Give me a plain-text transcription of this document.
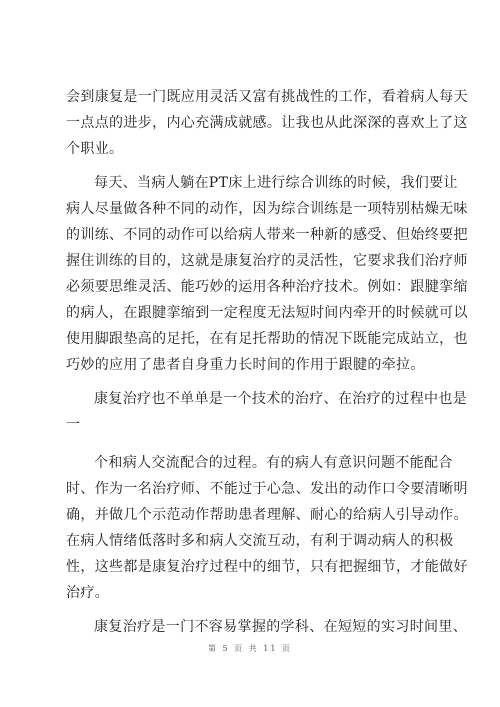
会到康复是一门既应用灵活又富有挑战性的工作，看着病人每天
一点点的进步，内心充满成就感。让我也从此深深的喜欢上了这
个职业。
每天、当病人躺在PT床上进行综合训练的时候，我们要让
病人尽量做各种不同的动作，因为综合训练是一项特别枯燥无味
的训练、不同的动作可以给病人带来一种新的感受、但始终要把
握住训练的目的，这就是康复治疗的灵活性，它要求我们治疗师
必须要思维灵活、能巧妙的运用各种治疗技术。例如：跟腱挛缩
的病人，在跟腱挛缩到一定程度无法短时间内牵开的时候就可以
使用脚跟垫高的足托，在有足托帮助的情况下既能完成站立，也
巧妙的应用了患者自身重力长时间的作用于跟腱的牵拉。
康复治疗也不单单是一个技术的治疗、在治疗的过程中也是
一
个和病人交流配合的过程。有的病人有意识问题不能配合
时、作为一名治疗师、不能过于心急、发出的动作口令要清晰明
确，并做几个示范动作帮助患者理解、耐心的给病人引导动作。
在病人情绪低落时多和病人交流互动，有利于调动病人的积极
性，这些都是康复治疗过程中的细节，只有把握细节，才能做好
治疗。
康复治疗是一门不容易掌握的学科、在短短的实习时间里、
第 5 页 共 11 页
